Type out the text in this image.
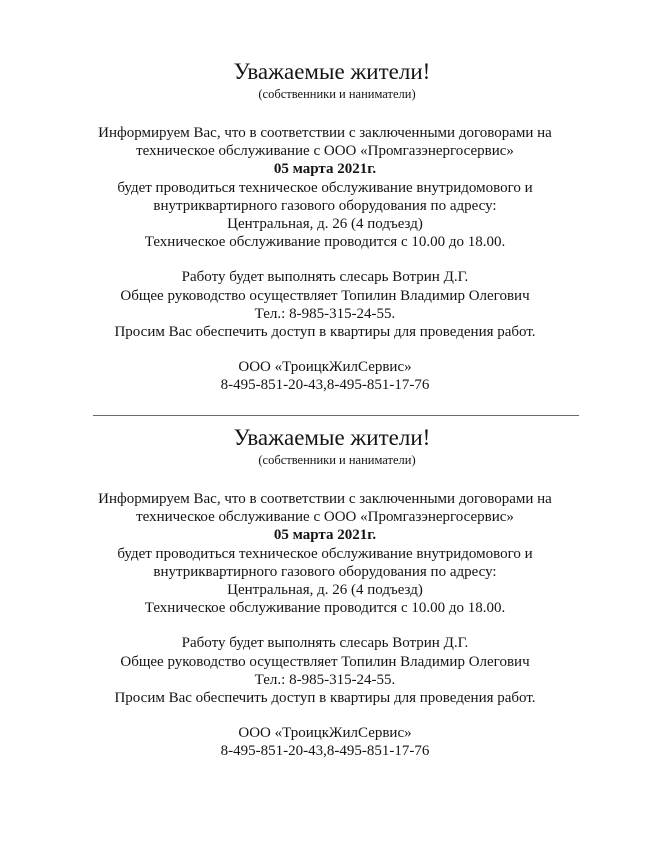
Уважаемые жители!
(собственники и наниматели)
Информируем Вас, что в соответствии с заключенными договорами на
техническое обслуживание с ООО «Промгазэнергосервис»
05 марта 2021г.
будет проводиться техническое обслуживание внутридомового и
внутриквартирного газового оборудования по адресу:
Центральная, д. 26 (4 подъезд)
Техническое обслуживание проводится с 10.00 до 18.00.
Работу будет выполнять слесарь Вотрин Д.Г.
Общее руководство осуществляет Топилин Владимир Олегович
Тел.: 8-985-315-24-55.
Просим Вас обеспечить доступ в квартиры для проведения работ.
ООО «ТроицкЖилСервис»
8-495-851-20-43,8-495-851-17-76
Уважаемые жители!
(собственники и наниматели)
Информируем Вас, что в соответствии с заключенными договорами на
техническое обслуживание с ООО «Промгазэнергосервис»
05 марта 2021г.
будет проводиться техническое обслуживание внутридомового и
внутриквартирного газового оборудования по адресу:
Центральная, д. 26 (4 подъезд)
Техническое обслуживание проводится с 10.00 до 18.00.
Работу будет выполнять слесарь Вотрин Д.Г.
Общее руководство осуществляет Топилин Владимир Олегович
Тел.: 8-985-315-24-55.
Просим Вас обеспечить доступ в квартиры для проведения работ.
ООО «ТроицкЖилСервис»
8-495-851-20-43,8-495-851-17-76
